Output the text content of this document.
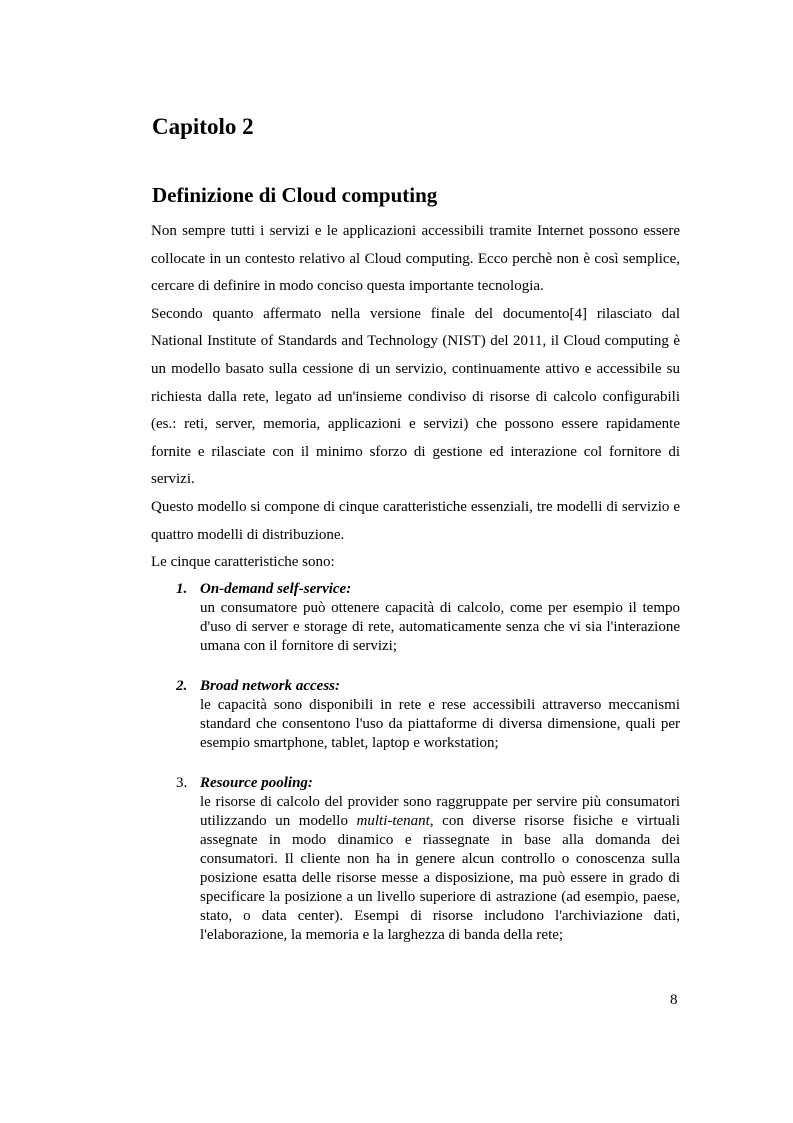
Capitolo 2
Definizione di Cloud computing

Non sempre tutti i servizi e le applicazioni accessibili tramite Internet possono essere collocate in un contesto relativo al Cloud computing. Ecco perchè non è così semplice, cercare di definire in modo conciso questa importante tecnologia.

Secondo quanto affermato nella versione finale del documento[4] rilasciato dal National Institute of Standards and Technology (NIST) del 2011, il Cloud computing è un modello basato sulla cessione di un servizio, continuamente attivo e accessibile su richiesta dalla rete, legato ad un'insieme condiviso di risorse di calcolo configurabili (es.: reti, server, memoria, applicazioni e servizi) che possono essere rapidamente fornite e rilasciate con il minimo sforzo di gestione ed interazione col fornitore di servizi.

Questo modello si compone di cinque caratteristiche essenziali, tre modelli di servizio e quattro modelli di distribuzione.

Le cinque caratteristiche sono:

1. On-demand self-service:
un consumatore può ottenere capacità di calcolo, come per esempio il tempo d'uso di server e storage di rete, automaticamente senza che vi sia l'interazione umana con il fornitore di servizi;
2. Broad network access:
le capacità sono disponibili in rete e rese accessibili attraverso meccanismi standard che consentono l'uso da piattaforme di diversa dimensione, quali per esempio smartphone, tablet, laptop e workstation;
3. Resource pooling:
le risorse di calcolo del provider sono raggruppate per servire più consumatori utilizzando un modello multi-tenant, con diverse risorse fisiche e virtuali assegnate in modo dinamico e riassegnate in base alla domanda dei consumatori. Il cliente non ha in genere alcun controllo o conoscenza sulla posizione esatta delle risorse messe a disposizione, ma può essere in grado di specificare la posizione a un livello superiore di astrazione (ad esempio, paese, stato, o data center). Esempi di risorse includono l'archiviazione dati, l'elaborazione, la memoria e la larghezza di banda della rete;
8
